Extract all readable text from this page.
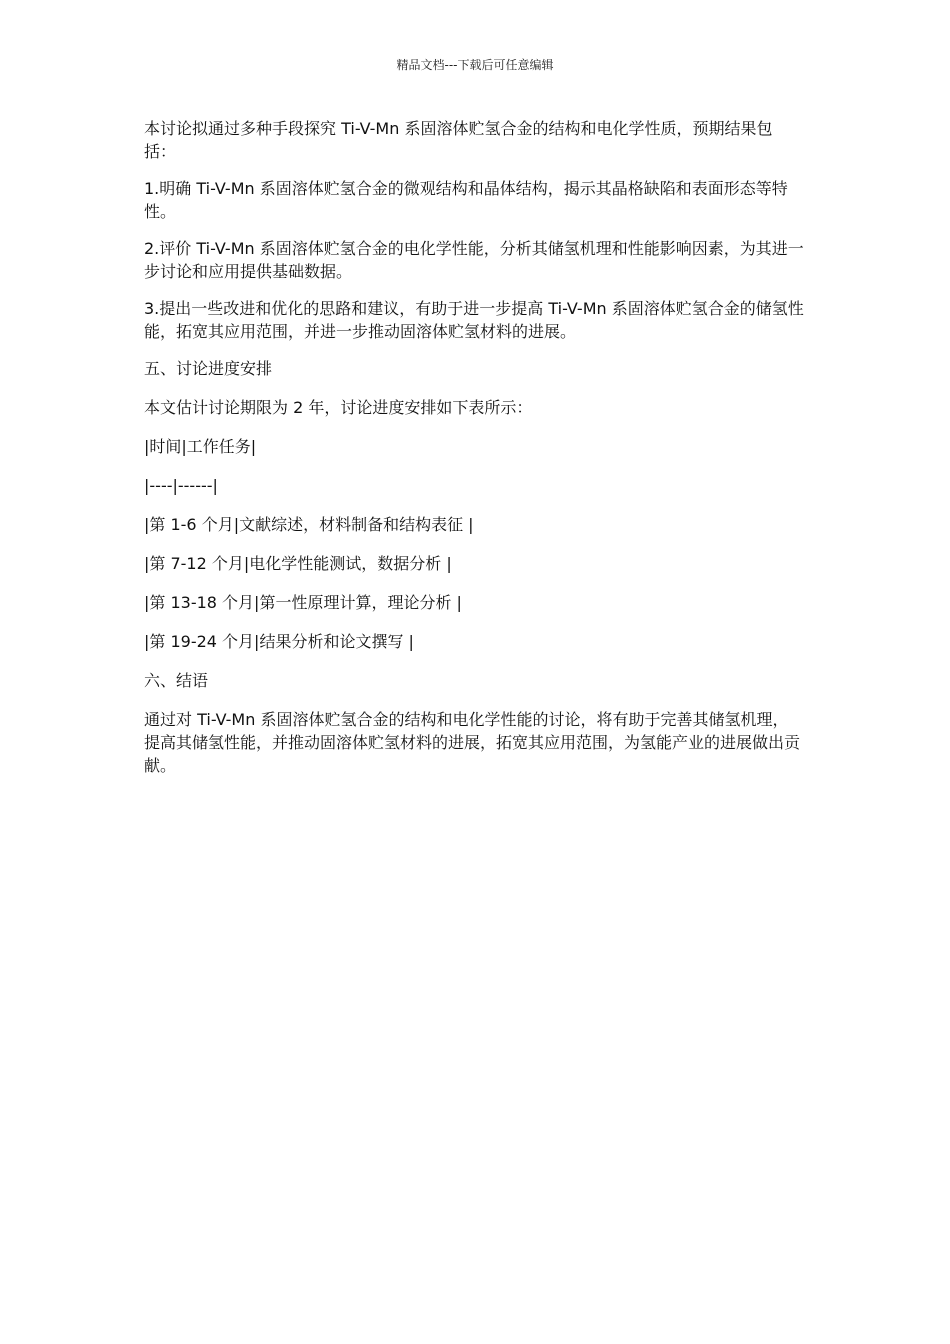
精品文档---下载后可任意编辑

本讨论拟通过多种手段探究 Ti-V-Mn 系固溶体贮氢合金的结构和电化学性质，预期结果包括：

1.明确 Ti-V-Mn 系固溶体贮氢合金的微观结构和晶体结构，揭示其晶格缺陷和表面形态等特性。

2.评价 Ti-V-Mn 系固溶体贮氢合金的电化学性能，分析其储氢机理和性能影响因素，为其进一步讨论和应用提供基础数据。

3.提出一些改进和优化的思路和建议，有助于进一步提高 Ti-V-Mn 系固溶体贮氢合金的储氢性能，拓宽其应用范围，并进一步推动固溶体贮氢材料的进展。

五、讨论进度安排

本文估计讨论期限为 2 年，讨论进度安排如下表所示：

|时间|工作任务|

|----|------|

|第 1-6 个月|文献综述，材料制备和结构表征 |

|第 7-12 个月|电化学性能测试，数据分析 |

|第 13-18 个月|第一性原理计算，理论分析 |

|第 19-24 个月|结果分析和论文撰写 |

六、结语

通过对 Ti-V-Mn 系固溶体贮氢合金的结构和电化学性能的讨论，将有助于完善其储氢机理，提高其储氢性能，并推动固溶体贮氢材料的进展，拓宽其应用范围，为氢能产业的进展做出贡献。
